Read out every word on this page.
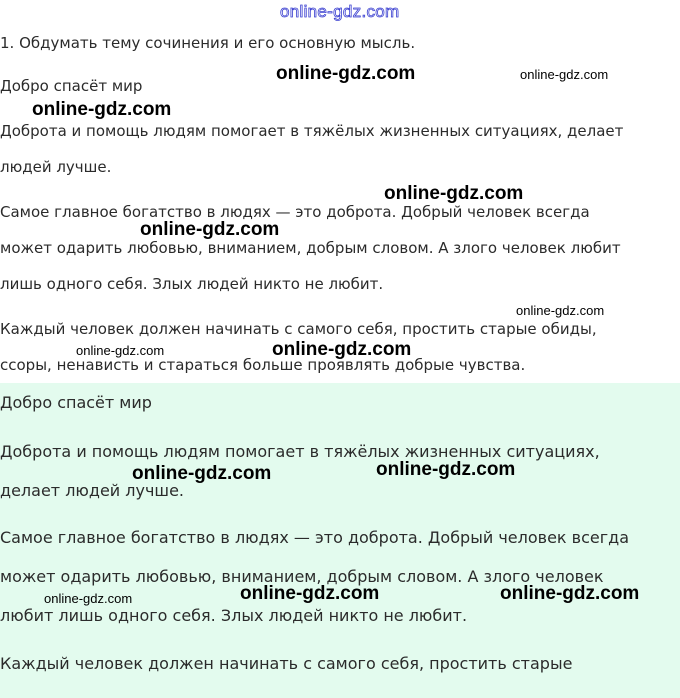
online-gdz.com
1. Обдумать тему сочинения и его основную мысль.
Добро спасёт мир
Доброта и помощь людям помогает в тяжёлых жизненных ситуациях, делает
людей лучше.
Самое главное богатство в людях — это доброта. Добрый человек всегда
может одарить любовью, вниманием, добрым словом. А злого человек любит
лишь одного себя. Злых людей никто не любит.
Каждый человек должен начинать с самого себя, простить старые обиды,
ссоры, ненависть и стараться больше проявлять добрые чувства.
Добро спасёт мир
Доброта и помощь людям помогает в тяжёлых жизненных ситуациях,
делает людей лучше.
Самое главное богатство в людях — это доброта. Добрый человек всегда
может одарить любовью, вниманием, добрым словом. А злого человек
любит лишь одного себя. Злых людей никто не любит.
Каждый человек должен начинать с самого себя, простить старые
online-gdz.com	online-gdz.com
online-gdz.com
online-gdz.com
online-gdz.com
online-gdz.com
online-gdz.com	online-gdz.com
online-gdz.com
online-gdz.com
online-gdz.com	online-gdz.com
online-gdz.com
